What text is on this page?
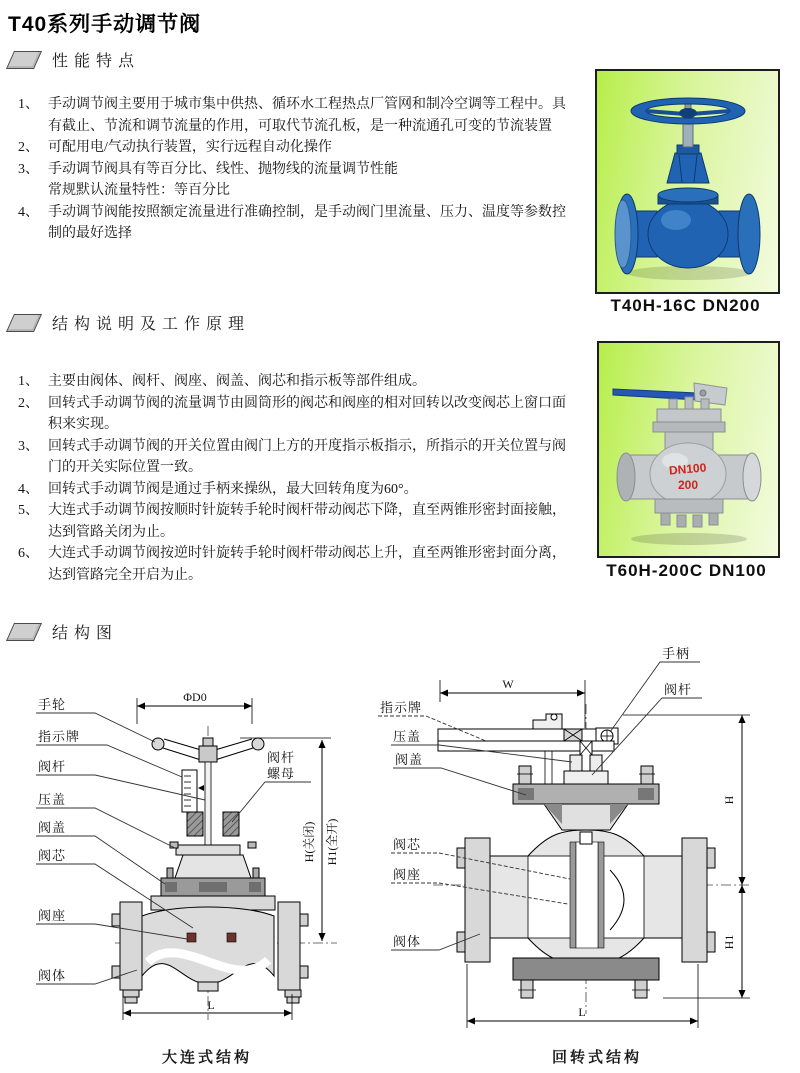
T40系列手动调节阀
性能特点
1、 手动调节阀主要用于城市集中供热、循环水工程热点厂管网和制冷空调等工程中。具有截止、节流和调节流量的作用，可取代节流孔板，是一种流通孔可变的节流装置
2、 可配用电/气动执行装置，实行远程自动化操作
3、 手动调节阀具有等百分比、线性、抛物线的流量调节性能
常规默认流量特性：等百分比
4、 手动调节阀能按照额定流量进行准确控制，是手动阀门里流量、压力、温度等参数控制的最好选择
T40H-16C DN200
结构说明及工作原理
1、 主要由阀体、阀杆、阀座、阀盖、阀芯和指示板等部件组成。
2、 回转式手动调节阀的流量调节由圆筒形的阀芯和阀座的相对回转以改变阀芯上窗口面积来实现。
3、 回转式手动调节阀的开关位置由阀门上方的开度指示板指示，所指示的开关位置与阀门的开关实际位置一致。
4、 回转式手动调节阀是通过手柄来操纵，最大回转角度为60°。
5、 大连式手动调节阀按顺时针旋转手轮时阀杆带动阀芯下降，直至两锥形密封面接触，达到管路关闭为止。
6、 大连式手动调节阀按逆时针旋转手轮时阀杆带动阀芯上升，直至两锥形密封面分离，达到管路完全开启为止。
DN100
200
T60H-200C DN100
结构图
ΦD0
H(关闭) H1(全开)
L
手轮
指示牌
阀杆
压盖
阀盖
阀芯
阀座
阀体
阀杆
螺母
大连式结构
W
H
H1
L
手柄
阀杆
指示牌
压盖
阀盖
阀芯
阀座
阀体
回转式结构
